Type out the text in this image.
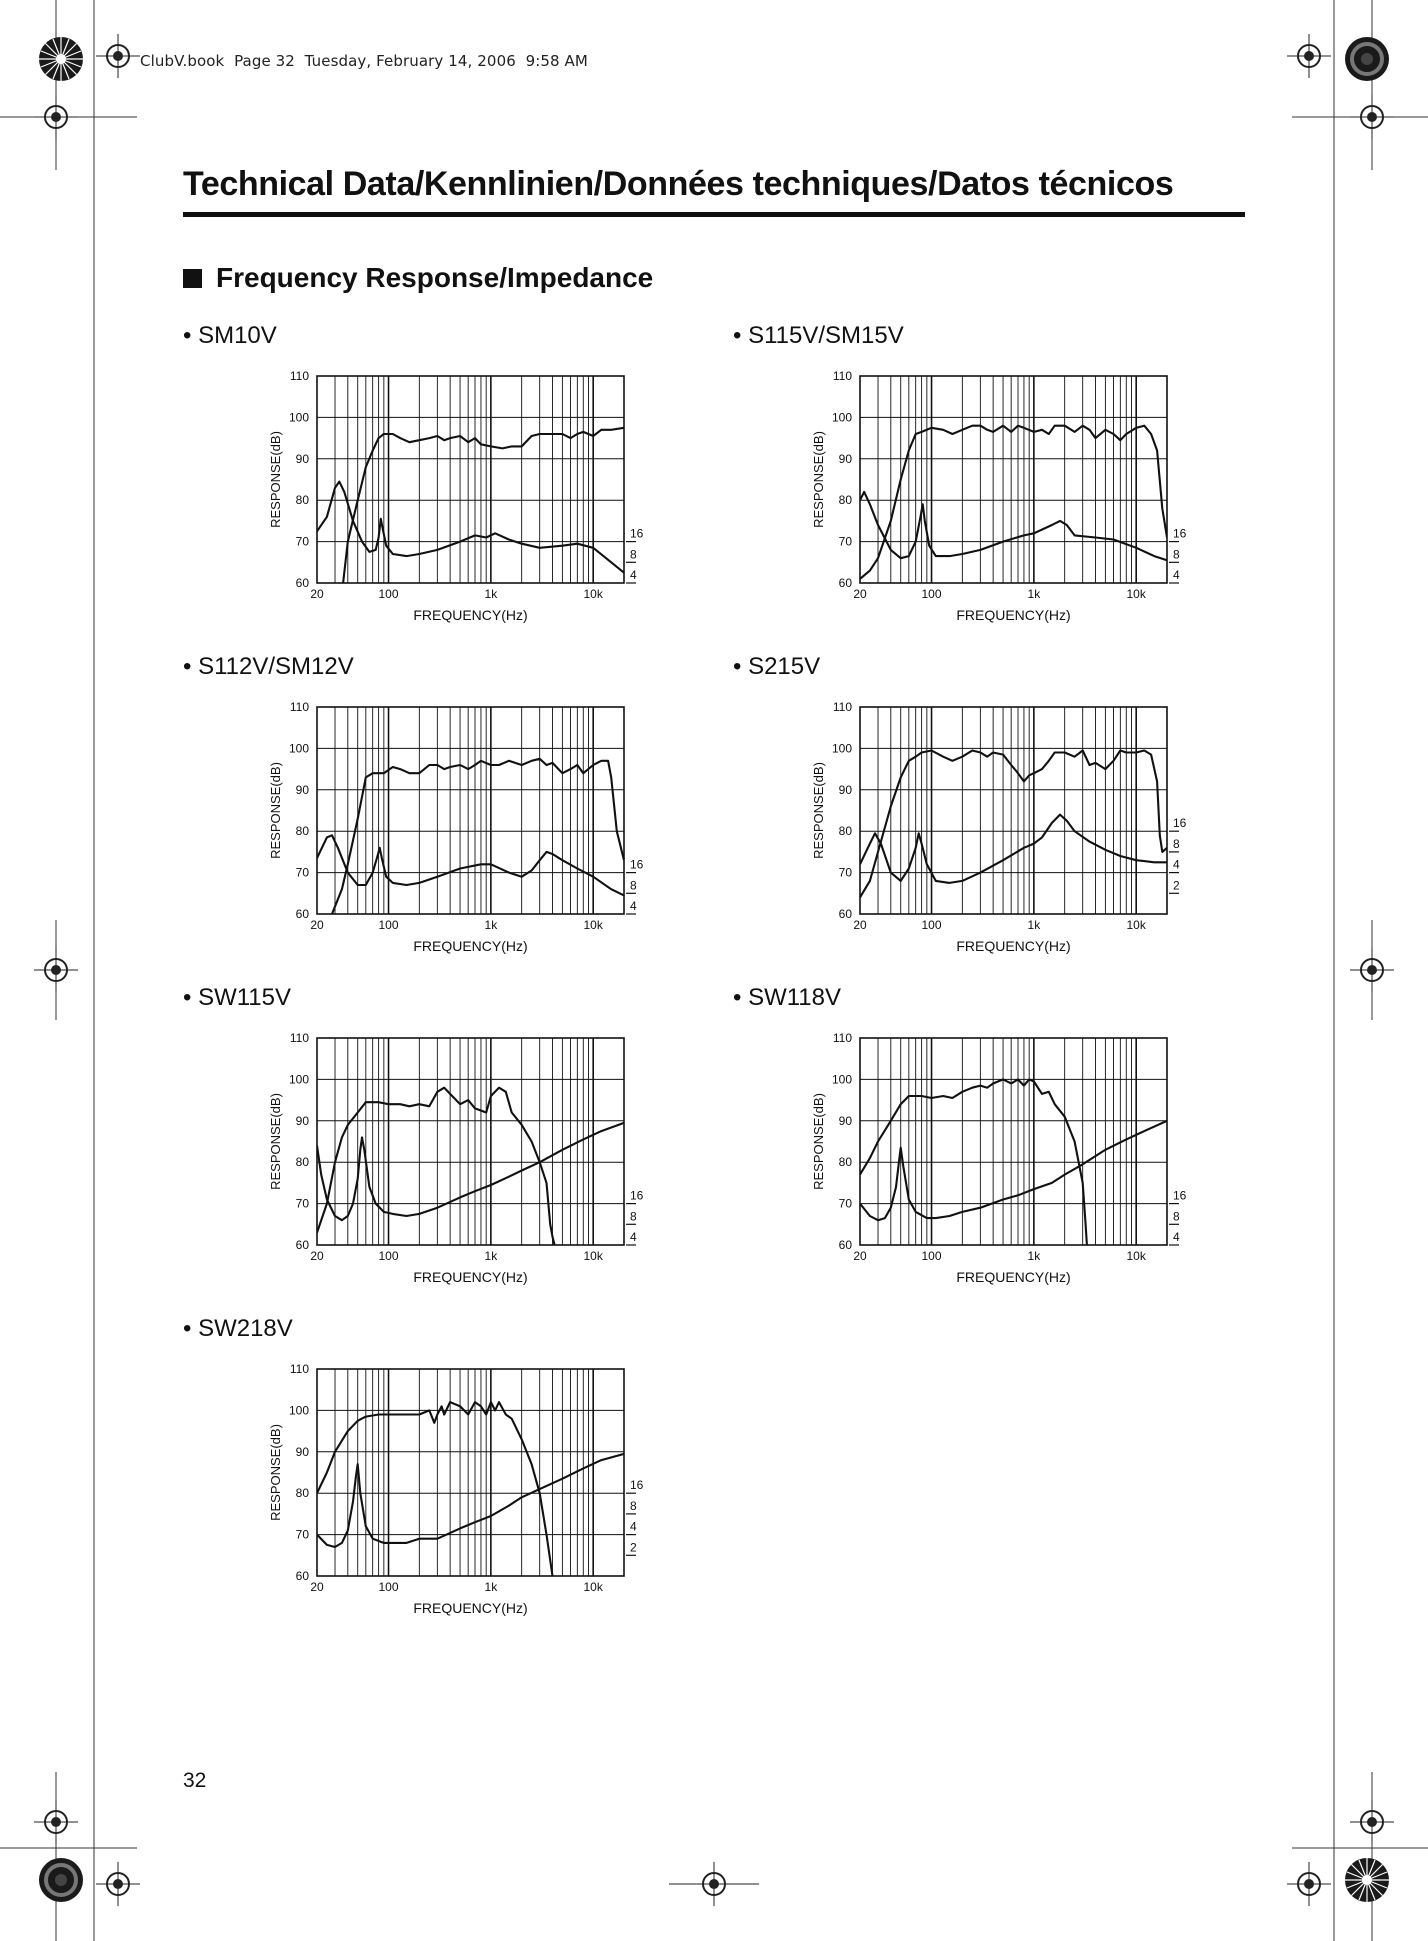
ClubV.book  Page 32  Tuesday, February 14, 2006  9:58 AM
Technical Data/Kennlinien/Données techniques/Datos técnicos
Frequency Response/Impedance
• SM10V
110
100
90
80
70
60
20	100	1k	10k
RESPONSE(dB)
FREQUENCY(Hz)
16
8
4
• S115V/SM15V
110
100
90
80
70
60
20	100	1k	10k
RESPONSE(dB)
FREQUENCY(Hz)
16
8
4
• S112V/SM12V
110
100
90
80
70
60
20	100	1k	10k
RESPONSE(dB)
FREQUENCY(Hz)
16
8
4
• S215V
110
100
90
80
70
60
20	100	1k	10k
RESPONSE(dB)
FREQUENCY(Hz)
16
8
4
2
• SW115V
110
100
90
80
70
60
20	100	1k	10k
RESPONSE(dB)
FREQUENCY(Hz)
16
8
4
• SW118V
110
100
90
80
70
60
20	100	1k	10k
RESPONSE(dB)
FREQUENCY(Hz)
16
8
4
• SW218V
110
100
90
80
70
60
20	100	1k	10k
RESPONSE(dB)
FREQUENCY(Hz)
16
8
4
2
32
